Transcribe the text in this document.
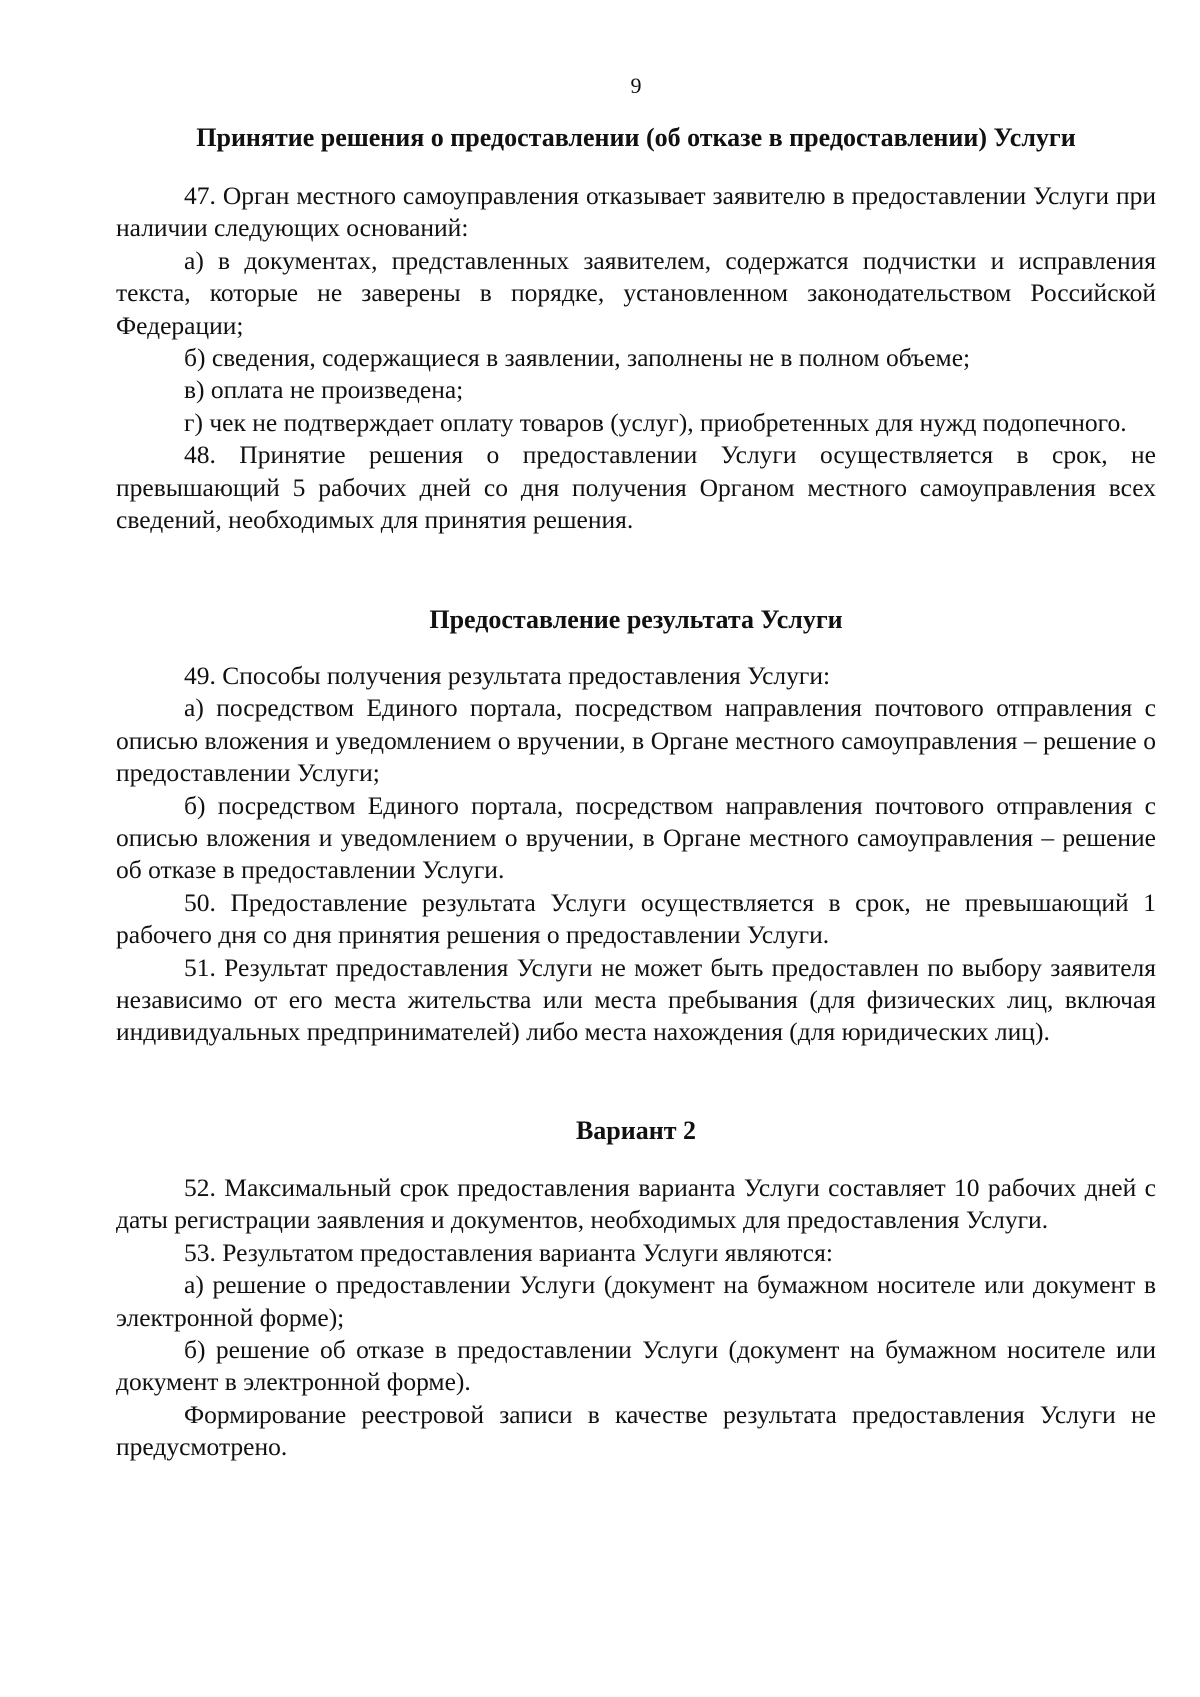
9
Принятие решения о предоставлении (об отказе в предоставлении) Услуги

47. Орган местного самоуправления отказывает заявителю в предоставлении Услуги при наличии следующих оснований:

а) в документах, представленных заявителем, содержатся подчистки и исправления текста, которые не заверены в порядке, установленном законодательством Российской Федерации;

б) сведения, содержащиеся в заявлении, заполнены не в полном объеме;

в) оплата не произведена;

г) чек не подтверждает оплату товаров (услуг), приобретенных для нужд подопечного.

48. Принятие решения о предоставлении Услуги осуществляется в срок, не превышающий 5 рабочих дней со дня получения Органом местного самоуправления всех сведений, необходимых для принятия решения.

Предоставление результата Услуги

49. Способы получения результата предоставления Услуги:

а) посредством Единого портала, посредством направления почтового отправления с описью вложения и уведомлением о вручении, в Органе местного самоуправления – решение о предоставлении Услуги;

б) посредством Единого портала, посредством направления почтового отправления с описью вложения и уведомлением о вручении, в Органе местного самоуправления – решение об отказе в предоставлении Услуги.

50. Предоставление результата Услуги осуществляется в срок, не превышающий 1 рабочего дня со дня принятия решения о предоставлении Услуги.

51. Результат предоставления Услуги не может быть предоставлен по выбору заявителя независимо от его места жительства или места пребывания (для физических лиц, включая индивидуальных предпринимателей) либо места нахождения (для юридических лиц).

Вариант 2

52. Максимальный срок предоставления варианта Услуги составляет 10 рабочих дней с даты регистрации заявления и документов, необходимых для предоставления Услуги.

53. Результатом предоставления варианта Услуги являются:

а) решение о предоставлении Услуги (документ на бумажном носителе или документ в электронной форме);

б) решение об отказе в предоставлении Услуги (документ на бумажном носителе или документ в электронной форме).

Формирование реестровой записи в качестве результата предоставления Услуги не предусмотрено.
